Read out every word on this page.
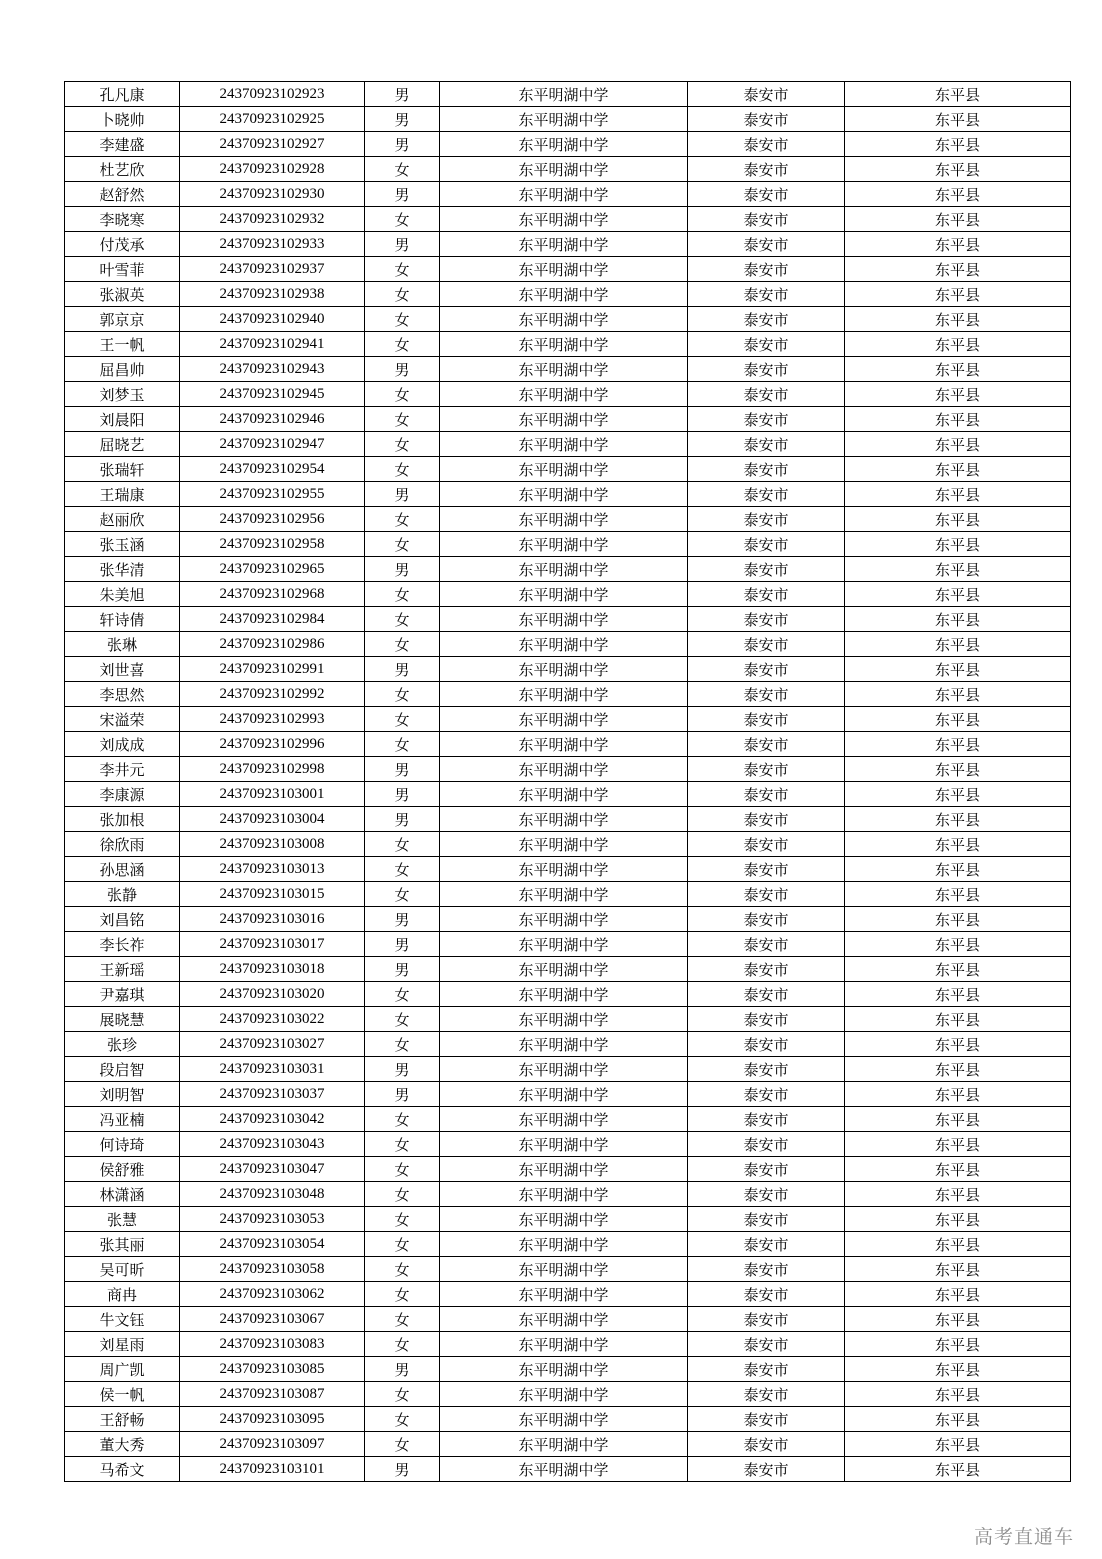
孔凡康	24370923102923	男	东平明湖中学	泰安市	东平县
卜晓帅	24370923102925	男	东平明湖中学	泰安市	东平县
李建盛	24370923102927	男	东平明湖中学	泰安市	东平县
杜艺欣	24370923102928	女	东平明湖中学	泰安市	东平县
赵舒然	24370923102930	男	东平明湖中学	泰安市	东平县
李晓寒	24370923102932	女	东平明湖中学	泰安市	东平县
付茂承	24370923102933	男	东平明湖中学	泰安市	东平县
叶雪菲	24370923102937	女	东平明湖中学	泰安市	东平县
张淑英	24370923102938	女	东平明湖中学	泰安市	东平县
郭京京	24370923102940	女	东平明湖中学	泰安市	东平县
王一帆	24370923102941	女	东平明湖中学	泰安市	东平县
屈昌帅	24370923102943	男	东平明湖中学	泰安市	东平县
刘梦玉	24370923102945	女	东平明湖中学	泰安市	东平县
刘晨阳	24370923102946	女	东平明湖中学	泰安市	东平县
屈晓艺	24370923102947	女	东平明湖中学	泰安市	东平县
张瑞轩	24370923102954	女	东平明湖中学	泰安市	东平县
王瑞康	24370923102955	男	东平明湖中学	泰安市	东平县
赵丽欣	24370923102956	女	东平明湖中学	泰安市	东平县
张玉涵	24370923102958	女	东平明湖中学	泰安市	东平县
张华清	24370923102965	男	东平明湖中学	泰安市	东平县
朱美旭	24370923102968	女	东平明湖中学	泰安市	东平县
轩诗倩	24370923102984	女	东平明湖中学	泰安市	东平县
张琳	24370923102986	女	东平明湖中学	泰安市	东平县
刘世喜	24370923102991	男	东平明湖中学	泰安市	东平县
李思然	24370923102992	女	东平明湖中学	泰安市	东平县
宋溢荣	24370923102993	女	东平明湖中学	泰安市	东平县
刘成成	24370923102996	女	东平明湖中学	泰安市	东平县
李井元	24370923102998	男	东平明湖中学	泰安市	东平县
李康源	24370923103001	男	东平明湖中学	泰安市	东平县
张加根	24370923103004	男	东平明湖中学	泰安市	东平县
徐欣雨	24370923103008	女	东平明湖中学	泰安市	东平县
孙思涵	24370923103013	女	东平明湖中学	泰安市	东平县
张静	24370923103015	女	东平明湖中学	泰安市	东平县
刘昌铭	24370923103016	男	东平明湖中学	泰安市	东平县
李长祚	24370923103017	男	东平明湖中学	泰安市	东平县
王新瑶	24370923103018	男	东平明湖中学	泰安市	东平县
尹嘉琪	24370923103020	女	东平明湖中学	泰安市	东平县
展晓慧	24370923103022	女	东平明湖中学	泰安市	东平县
张珍	24370923103027	女	东平明湖中学	泰安市	东平县
段启智	24370923103031	男	东平明湖中学	泰安市	东平县
刘明智	24370923103037	男	东平明湖中学	泰安市	东平县
冯亚楠	24370923103042	女	东平明湖中学	泰安市	东平县
何诗琦	24370923103043	女	东平明湖中学	泰安市	东平县
侯舒雅	24370923103047	女	东平明湖中学	泰安市	东平县
林潇涵	24370923103048	女	东平明湖中学	泰安市	东平县
张慧	24370923103053	女	东平明湖中学	泰安市	东平县
张其丽	24370923103054	女	东平明湖中学	泰安市	东平县
吴可昕	24370923103058	女	东平明湖中学	泰安市	东平县
商冉	24370923103062	女	东平明湖中学	泰安市	东平县
牛文钰	24370923103067	女	东平明湖中学	泰安市	东平县
刘星雨	24370923103083	女	东平明湖中学	泰安市	东平县
周广凯	24370923103085	男	东平明湖中学	泰安市	东平县
侯一帆	24370923103087	女	东平明湖中学	泰安市	东平县
王舒畅	24370923103095	女	东平明湖中学	泰安市	东平县
董大秀	24370923103097	女	东平明湖中学	泰安市	东平县
马希文	24370923103101	男	东平明湖中学	泰安市	东平县
高考直通车
